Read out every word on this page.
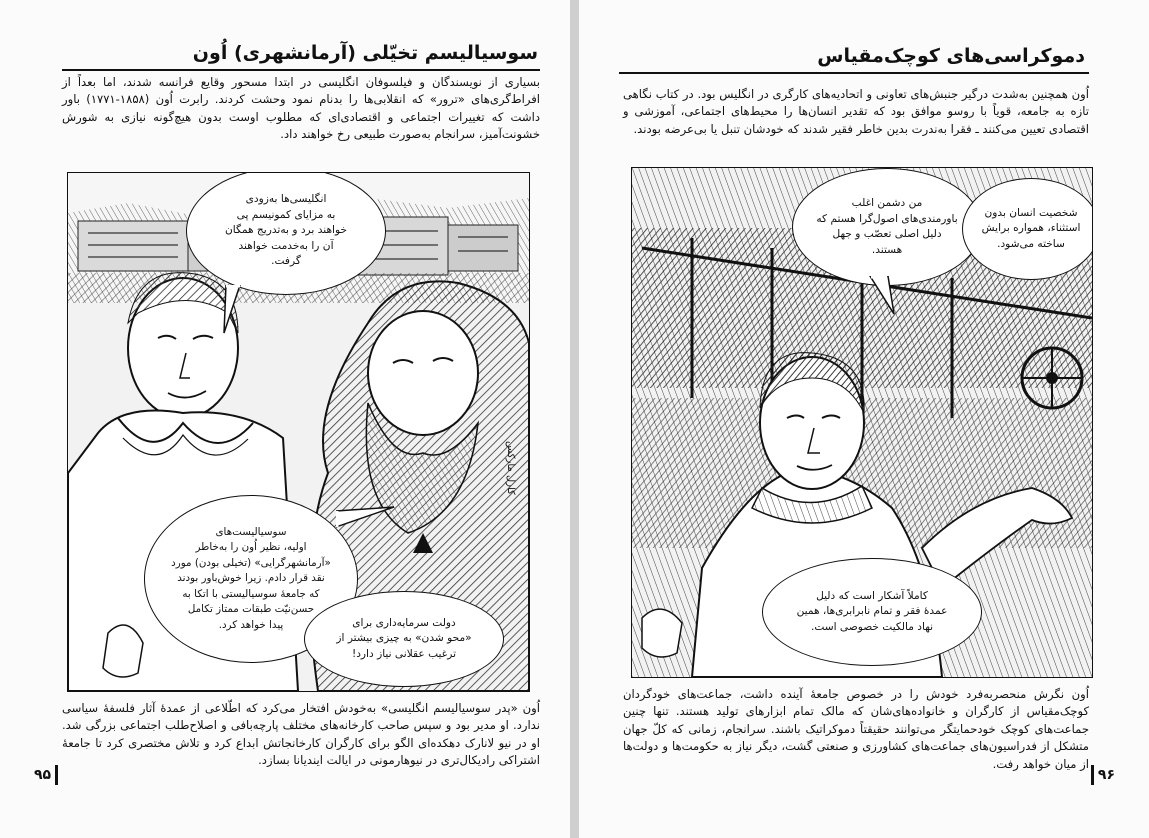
سوسیالیسم تخیّلی (آرمانشهری) اُون
بسیاری از نویسندگان و فیلسوفان انگلیسی در ابتدا مسحور وقایع فرانسه شدند، اما بعداً از افراط‌گری‌های «ترور» که انقلابی‌ها را بدنام نمود وحشت کردند. رابرت اُون (۱۸۵۸-۱۷۷۱) باور داشت که تغییرات اجتماعی و اقتصادی‌ای که مطلوب اوست بدون هیچ‌گونه نیازی به شورش خشونت‌آمیز، سرانجام به‌صورت طبیعی رخ خواهند داد.
انگلیسی‌ها به‌زودی
به مزایای کمونیسم پی
خواهند برد و به‌تدریج همگان
آن را به‌خدمت خواهند
گرفت.
سوسیالیست‌های
اولیه، نظیر اُون را به‌خاطر
«آرمانشهرگرایی» (تخیلی بودن) مورد
نقد قرار دادم. زیرا خوش‌باور بودند
که جامعهٔ سوسیالیستی با اتکا به
حسن‌نیّت طبقات ممتاز تکامل
پیدا خواهد کرد.	دولت سرمایه‌داری برای
«محو شدن» به چیزی بیشتر از
ترغیب عقلانی نیاز دارد!
کارل مارکس
اُون «پدر سوسیالیسم انگلیسی» به‌خودش افتخار می‌کرد که اطّلاعی از عمدهٔ آثار فلسفهٔ سیاسی ندارد. او مدیر بود و سپس صاحب کارخانه‌های مختلف پارچه‌بافی و اصلاح‌طلب اجتماعی بزرگی شد. او در نیو لانارک دهکده‌ای الگو برای کارگران کارخانجاتش ابداع کرد و تلاش مختصری کرد تا جامعهٔ اشتراکی رادیکال‌تری در نیوهارمونی در ایالت ایندیانا بسازد.
۹۵
دموکراسی‌های کوچک‌مقیاس
اُون همچنین به‌شدت درگیر جنبش‌های تعاونی و اتحادیه‌های کارگری در انگلیس بود. در کتاب نگاهی تازه به جامعه، قویاً با روسو موافق بود که تقدیر انسان‌ها را محیط‌های اجتماعی، آموزشی و اقتصادی تعیین می‌کنند ـ فقرا به‌ندرت بدین خاطر فقیر شدند که خودشان تنبل یا بی‌عرضه بودند.
من دشمن اغلب
باورمندی‌های اصول‌گرا هستم که
دلیل اصلی تعصّب و جهل
هستند.
شخصیت انسان بدون
استثناء، همواره برایش
ساخته می‌شود.
کاملاً آشکار است که دلیل
عمدهٔ فقر و تمام نابرابری‌ها، همین
نهاد مالکیت خصوصی است.
اُون نگرش منحصربه‌فرد خودش را در خصوص جامعهٔ آینده داشت، جماعت‌های خودگردان کوچک‌مقیاس از کارگران و خانواده‌های‌شان که مالک تمام ابزارهای تولید هستند. تنها چنین جماعت‌های کوچک خودحمایتگر می‌توانند حقیقتاً دموکراتیک باشند. سرانجام، زمانی که کلّ جهان متشکل از فدراسیون‌های جماعت‌های کشاورزی و صنعتی گشت، دیگر نیاز به حکومت‌ها و دولت‌ها از میان خواهد رفت.
۹۶
